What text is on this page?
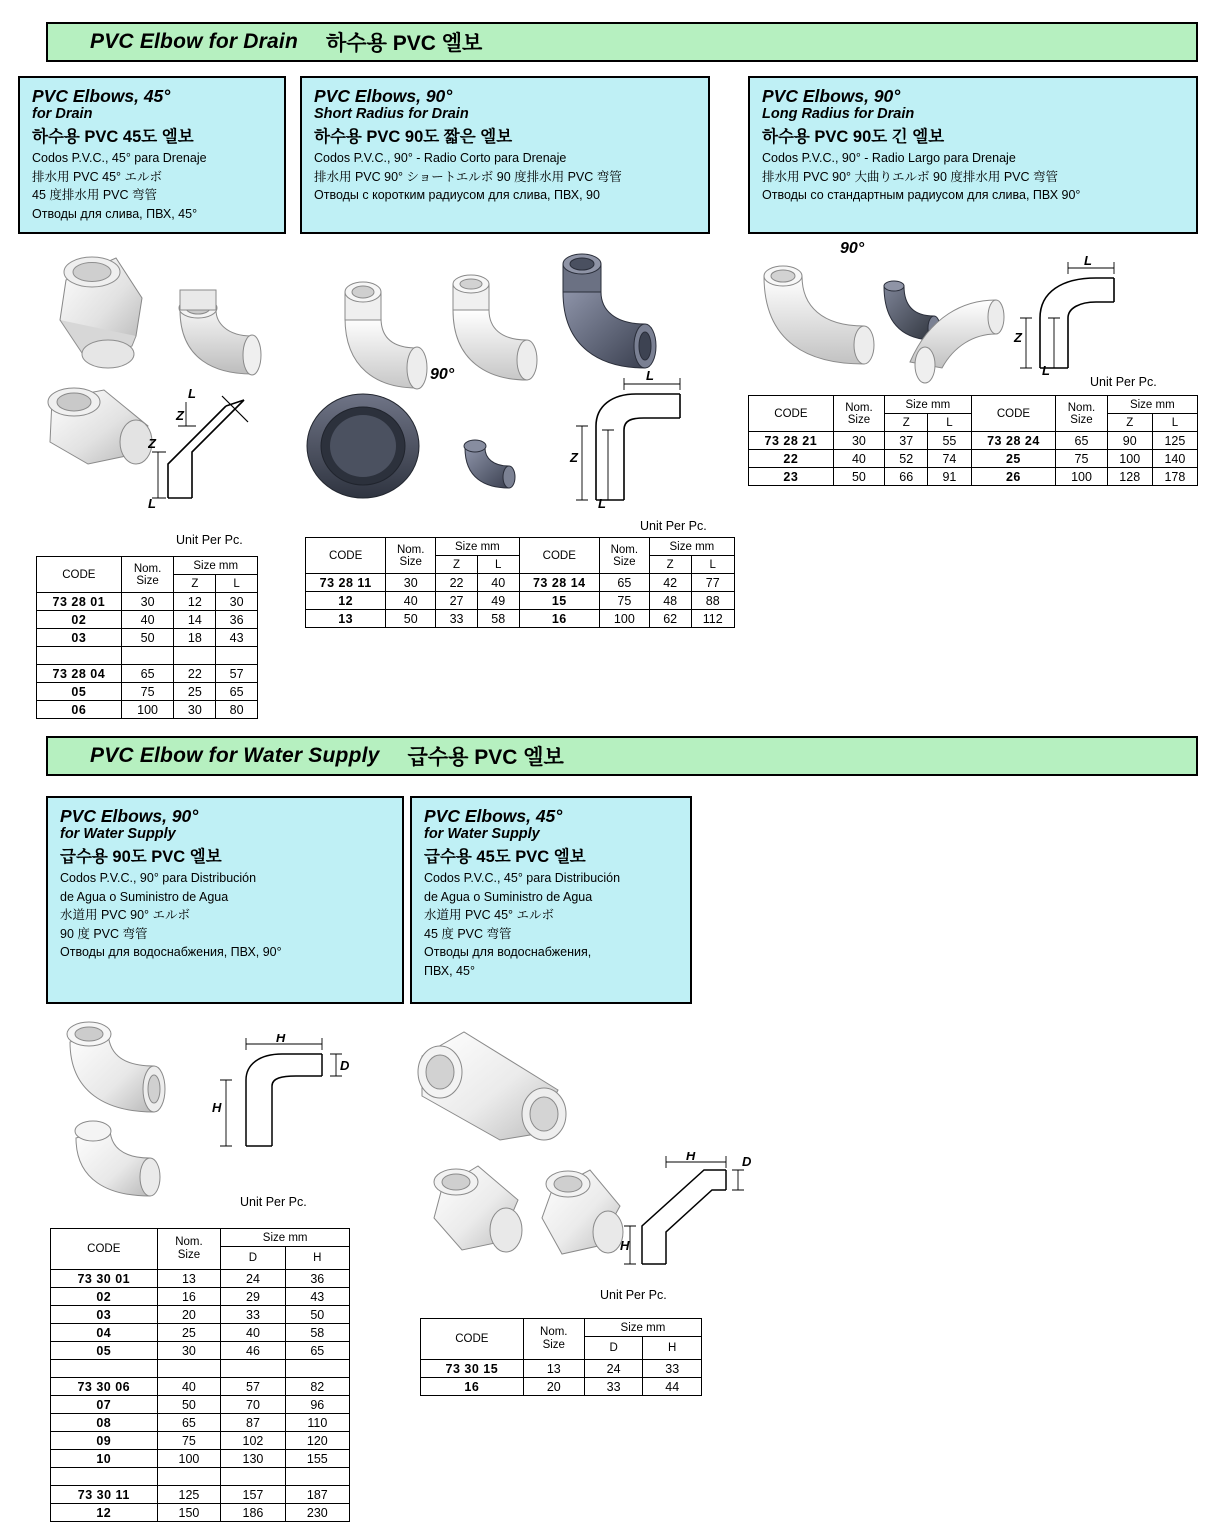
PVC Elbow for Drain 하수용 PVC 엘보
PVC Elbows, 45°
for Drain
하수용 PVC 45도 엘보
Codos P.V.C., 45° para Drenaje
排水用 PVC 45° エルボ
45 度排水用 PVC 弯管
Отводы для слива, ПВХ, 45°
PVC Elbows, 90°
Short Radius for Drain
하수용 PVC 90도 짧은 엘보
Codos P.V.C., 90° - Radio Corto para Drenaje
排水用 PVC 90° ショートエルボ 90 度排水用 PVC 弯管
Отводы с коротким радиусом для слива, ПВХ, 90
PVC Elbows, 90°
Long Radius for Drain
하수용 PVC 90도 긴 엘보
Codos P.V.C., 90° - Radio Largo para Drenaje
排水用 PVC 90° 大曲りエルボ 90 度排水用 PVC 弯管
Отводы со стандартным радиусом для слива, ПВХ 90°
L
Z
Z
L
Unit Per Pc.
CODE	Nom.
Size	Size mm	
		Z	L
73 28 01	30	12	30
02	40	14	36
03	50	18	43

73 28 04	65	22	57
05	75	25	65
06	100	30	80
90°	L
Z
L
Unit Per Pc.
CODE	Nom.
Size	Size mm		CODE	Nom.
Size	Size mm	
		Z	L			Z	L
73 28 11	30	22	40	73 28 14	65	42	77
12	40	27	49	15	75	48	88
13	50	33	58	16	100	62	112
90°
L
Z
L
Unit Per Pc.
CODE	Nom.
Size	Size mm		CODE	Nom.
Size	Size mm	
		Z	L			Z	L
73 28 21	30	37	55	73 28 24	65	90	125
22	40	52	74	25	75	100	140
23	50	66	91	26	100	128	178
PVC Elbow for Water Supply 급수용 PVC 엘보
PVC Elbows, 90°
for Water Supply
급수용 90도 PVC 엘보
Codos P.V.C., 90° para Distribución
de Agua o Suministro de Agua
水道用 PVC 90° エルボ
90 度 PVC 弯管
Отводы для водоснабжения, ПВХ, 90°
PVC Elbows, 45°
for Water Supply
급수용 45도 PVC 엘보
Codos P.V.C., 45° para Distribución
de Agua o Suministro de Agua
水道用 PVC 45° エルボ
45 度 PVC 弯管
Отводы для водоснабжения,
ПВХ, 45°
H
D
H
Unit Per Pc.
CODE	Nom.
Size	Size mm	
		D	H
73 30 01	13	24	36
02	16	29	43
03	20	33	50
04	25	40	58
05	30	46	65

73 30 06	40	57	82
07	50	70	96
08	65	87	110
09	75	102	120
10	100	130	155

73 30 11	125	157	187
12	150	186	230
H	D
H
Unit Per Pc.
CODE	Nom.
Size	Size mm	
		D	H
73 30 15	13	24	33
16	20	33	44
